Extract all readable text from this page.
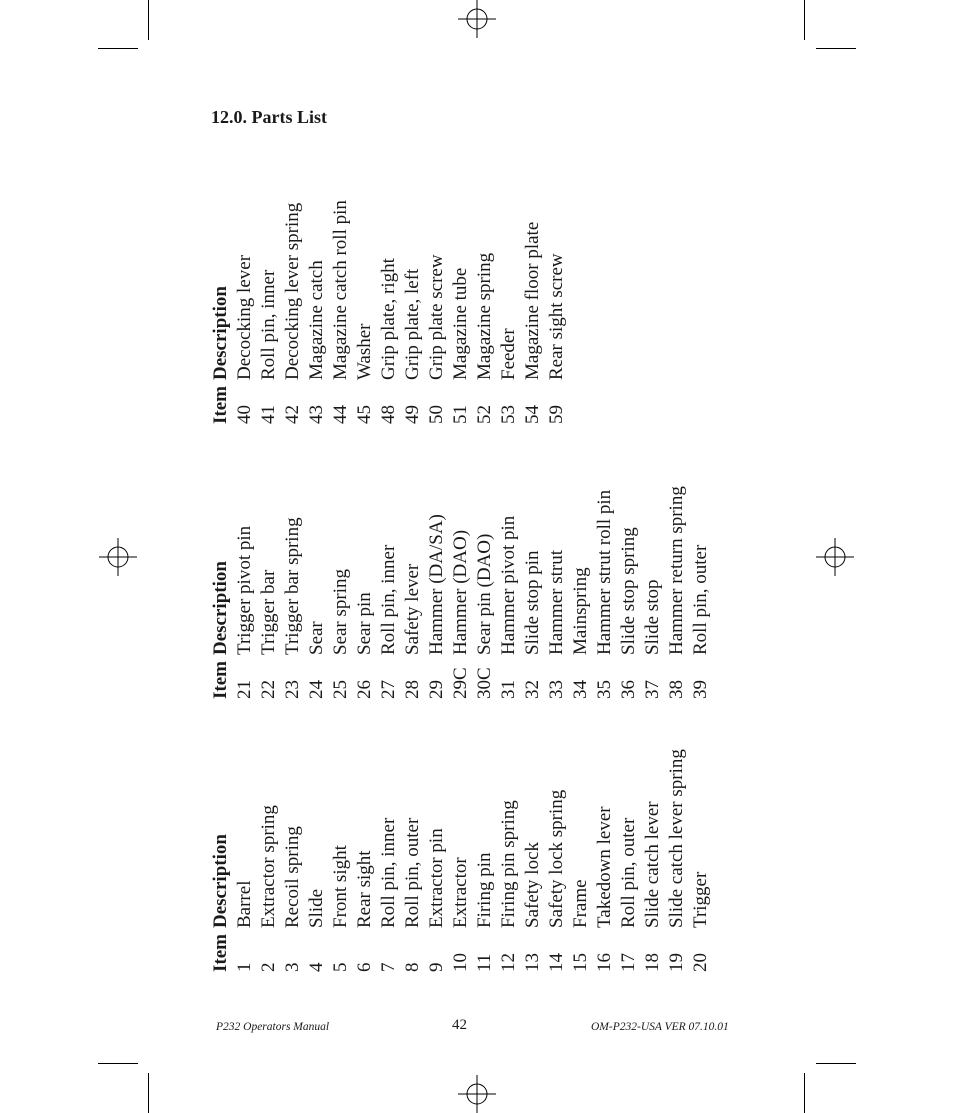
12.0. Parts List
ItemDescription
1Barrel
2Extractor spring
3Recoil spring
4Slide
5Front sight
6Rear sight
7Roll pin, inner
8Roll pin, outer
9Extractor pin
10Extractor
11Firing pin
12Firing pin spring
13Safety lock
14Safety lock spring
15Frame
16Takedown lever
17Roll pin, outer
18Slide catch lever
19Slide catch lever spring
20Trigger
ItemDescription
21Trigger pivot pin
22Trigger bar
23Trigger bar spring
24Sear
25Sear spring
26Sear pin
27Roll pin, inner
28Safety lever
29Hammer (DA/SA)
29CHammer (DAO)
30CSear pin (DAO)
31Hammer pivot pin
32Slide stop pin
33Hammer strut
34Mainspring
35Hammer strut roll pin
36Slide stop spring
37Slide stop
38Hammer return spring
39Roll pin, outer
ItemDescription
40Decocking lever
41Roll pin, inner
42Decocking lever spring
43Magazine catch
44Magazine catch roll pin
45Washer
48Grip plate, right
49Grip plate, left
50Grip plate screw
51Magazine tube
52Magazine spring
53Feeder
54Magazine floor plate
59Rear sight screw
P232 Operators Manual	42	OM-P232-USA VER 07.10.01
